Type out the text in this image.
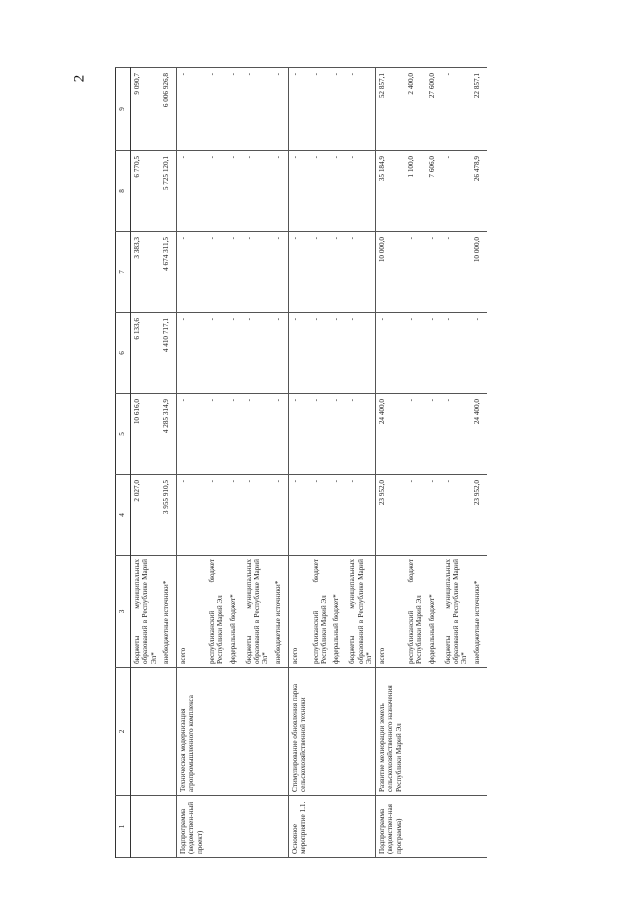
2
1	2	3	4	5	6	7	8	9
		бюджеты муниципальных образований в Республике Марий Эл*	2 027,0	10 616,0	6 133,6	3 383,3	6 770,5	9 090,7
		внебюджетные источники*	3 955 910,5	4 285 314,9	4 410 717,1	4 674 311,5	5 725 120,1	6 006 926,8
Подпрограмма (ведомствен-ный проект)	Техническая модернизация агропромышленного комплекса	всего	-	-	-	-	-	-
		республиканский бюджет Республики Марий Эл	-	-	-	-	-	-
		федеральный бюджет*	-	-	-	-	-	-
		бюджеты муниципальных образований в Республике Марий Эл*	-	-	-	-	-	-
		внебюджетные источники*	-	-	-	-	-	-
Основное мероприятие 1.1.	Стимулирование обновления парка сельскохозяйственной техники	всего	-	-	-	-	-	-
		республиканский бюджет Республики Марий Эл	-	-	-	-	-	-
		федеральный бюджет*	-	-	-	-	-	-
		бюджеты муниципальных образований в Республике Марий Эл*	-	-	-	-	-	-
Подпрограмма (ведомствен-ная программа)	Развитие мелиорации земель сельскохозяйственного назначения Республики Марий Эл	всего	23 952,0	24 400,0	-	10 000,0	35 184,9	52 857,1
		республиканский бюджет Республики Марий Эл	-	-	-	-	1 100,0	2 400,0
		федеральный бюджет*	-	-	-	-	7 606,0	27 600,0
		бюджеты муниципальных образований в Республике Марий Эл*	-	-	-	-	-	-
		внебюджетные источники*	23 952,0	24 400,0	-	10 000,0	26 478,9	22 857,1
